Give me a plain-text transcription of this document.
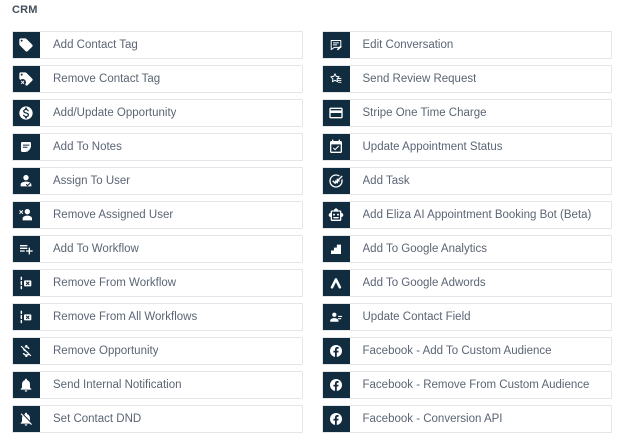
CRM
Add Contact Tag
Remove Contact Tag
Add/Update Opportunity
Add To Notes
Assign To User
Remove Assigned User
Add To Workflow
Remove From Workflow
Remove From All Workflows
Remove Opportunity
Send Internal Notification
Set Contact DND
Edit Conversation
Send Review Request
Stripe One Time Charge
Update Appointment Status
Add Task
Add Eliza AI Appointment Booking Bot (Beta)
Add To Google Analytics
Add To Google Adwords
Update Contact Field
Facebook - Add To Custom Audience
Facebook - Remove From Custom Audience
Facebook - Conversion API
